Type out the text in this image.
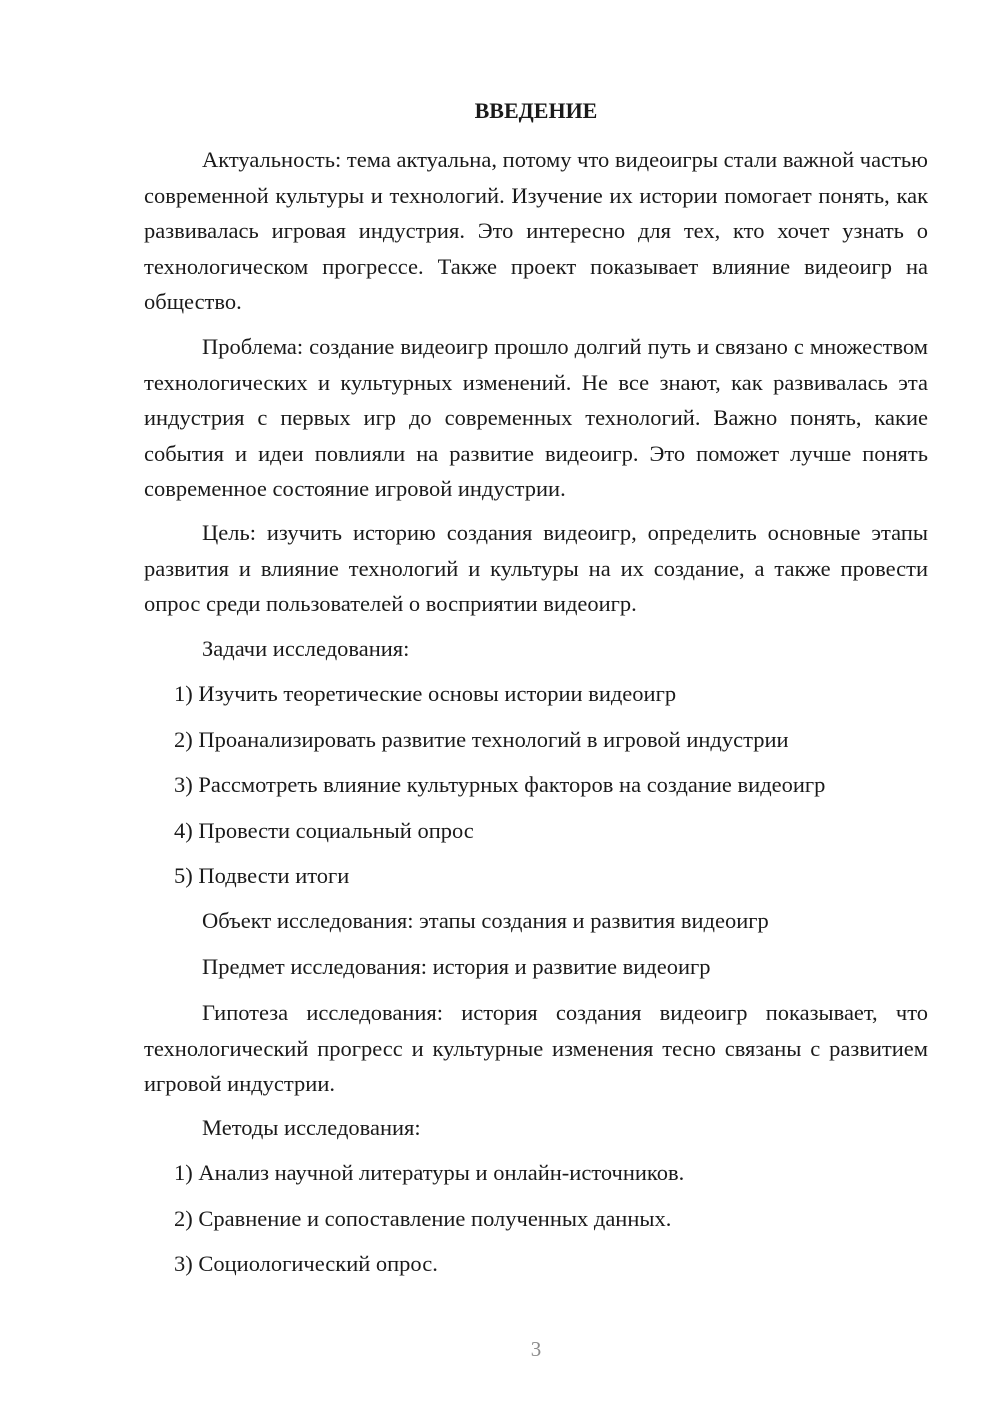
ВВЕДЕНИЕ

Актуальность: тема актуальна, потому что видеоигры стали важной частью современной культуры и технологий. Изучение их истории помогает понять, как развивалась игровая индустрия. Это интересно для тех, кто хочет узнать о технологическом прогрессе. Также проект показывает влияние видеоигр на общество.

Проблема: создание видеоигр прошло долгий путь и связано с множеством технологических и культурных изменений. Не все знают, как развивалась эта индустрия с первых игр до современных технологий. Важно понять, какие события и идеи повлияли на развитие видеоигр. Это поможет лучше понять современное состояние игровой индустрии.

Цель: изучить историю создания видеоигр, определить основные этапы развития и влияние технологий и культуры на их создание, а также провести опрос среди пользователей о восприятии видеоигр.

Задачи исследования:

1) Изучить теоретические основы истории видеоигр

2) Проанализировать развитие технологий в игровой индустрии

3) Рассмотреть влияние культурных факторов на создание видеоигр

4) Провести социальный опрос

5) Подвести итоги

Объект исследования: этапы создания и развития видеоигр

Предмет исследования: история и развитие видеоигр

Гипотеза исследования: история создания видеоигр показывает, что технологический прогресс и культурные изменения тесно связаны с развитием игровой индустрии.

Методы исследования:

1) Анализ научной литературы и онлайн-источников.

2) Сравнение и сопоставление полученных данных.

3) Социологический опрос.

3
